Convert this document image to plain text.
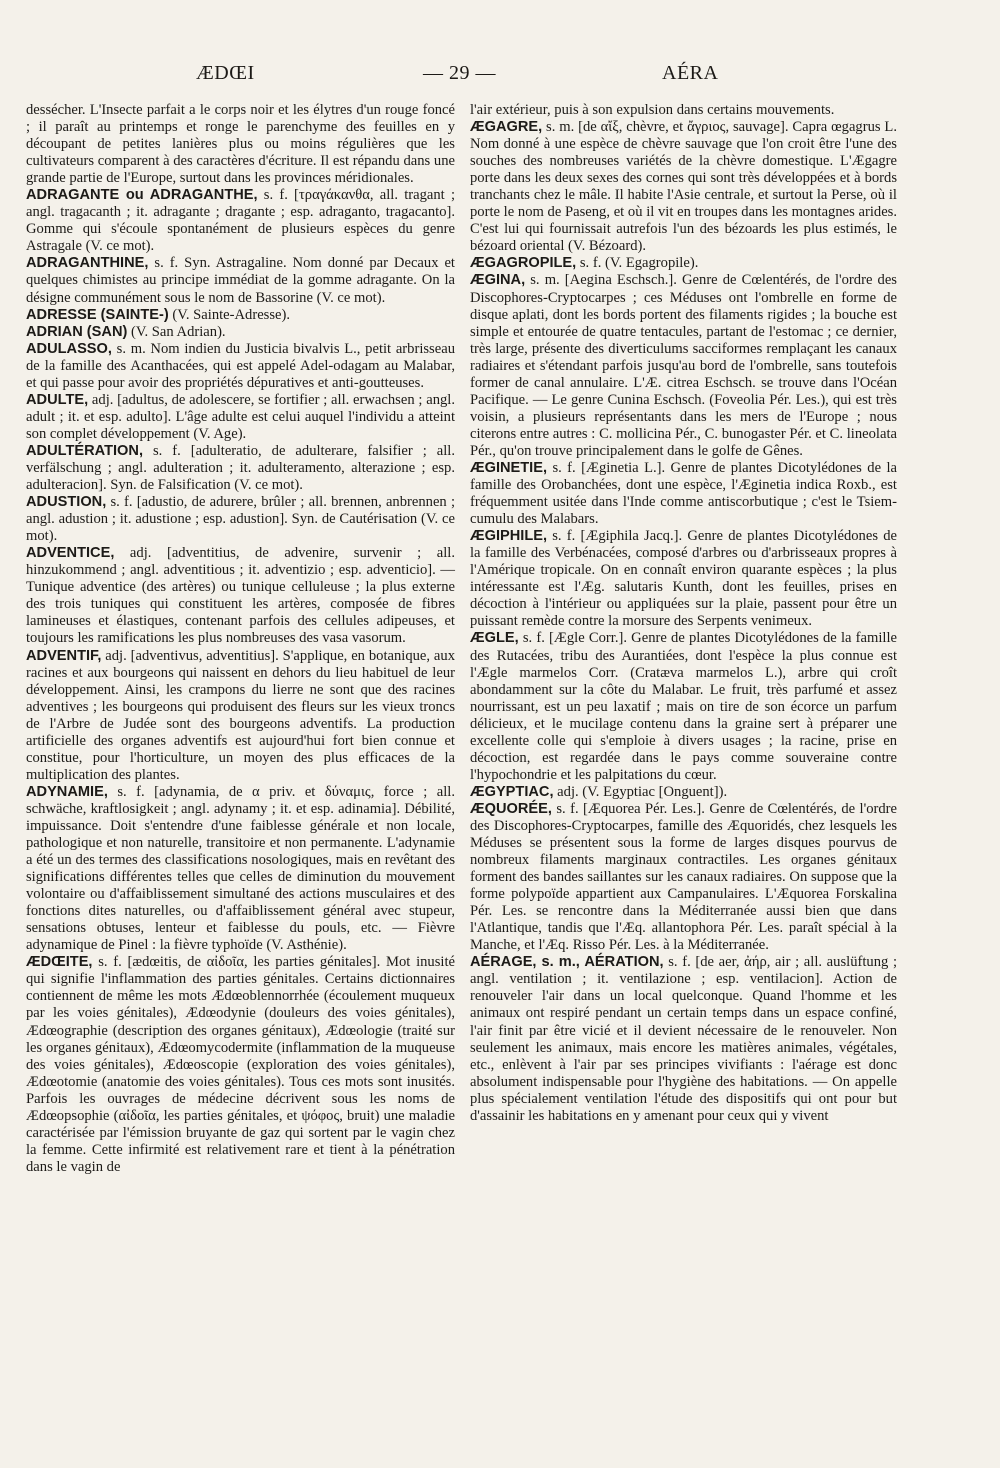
ÆDŒI	— 29 —	AÉRA

dessécher. L'Insecte parfait a le corps noir et les élytres d'un rouge foncé ; il paraît au printemps et ronge le parenchyme des feuilles en y découpant de petites lanières plus ou moins régulières que les cultivateurs comparent à des caractères d'écriture. Il est répandu dans une grande partie de l'Europe, surtout dans les provinces méridionales.

ADRAGANTE ou ADRAGANTHE, s. f. [τραγάκανθα, all. tragant ; angl. tragacanth ; it. adragante ; dragante ; esp. adraganto, tragacanto]. Gomme qui s'écoule spontanément de plusieurs espèces du genre Astragale (V. ce mot).

ADRAGANTHINE, s. f. Syn. Astragaline. Nom donné par Decaux et quelques chimistes au principe immédiat de la gomme adragante. On la désigne communément sous le nom de Bassorine (V. ce mot).

ADRESSE (SAINTE-) (V. Sainte-Adresse).

ADRIAN (SAN) (V. San Adrian).

ADULASSO, s. m. Nom indien du Justicia bivalvis L., petit arbrisseau de la famille des Acanthacées, qui est appelé Adel-odagam au Malabar, et qui passe pour avoir des propriétés dépuratives et anti-goutteuses.

ADULTE, adj. [adultus, de adolescere, se fortifier ; all. erwachsen ; angl. adult ; it. et esp. adulto]. L'âge adulte est celui auquel l'individu a atteint son complet développement (V. Age).

ADULTÉRATION, s. f. [adulteratio, de adulterare, falsifier ; all. verfälschung ; angl. adulteration ; it. adulteramento, alterazione ; esp. adulteracion]. Syn. de Falsification (V. ce mot).

ADUSTION, s. f. [adustio, de adurere, brûler ; all. brennen, anbrennen ; angl. adustion ; it. adustione ; esp. adustion]. Syn. de Cautérisation (V. ce mot).

ADVENTICE, adj. [adventitius, de advenire, survenir ; all. hinzukommend ; angl. adventitious ; it. adventizio ; esp. adventicio]. — Tunique adventice (des artères) ou tunique celluleuse ; la plus externe des trois tuniques qui constituent les artères, composée de fibres lamineuses et élastiques, contenant parfois des cellules adipeuses, et toujours les ramifications les plus nombreuses des vasa vasorum.

ADVENTIF, adj. [adventivus, adventitius]. S'applique, en botanique, aux racines et aux bourgeons qui naissent en dehors du lieu habituel de leur développement. Ainsi, les crampons du lierre ne sont que des racines adventives ; les bourgeons qui produisent des fleurs sur les vieux troncs de l'Arbre de Judée sont des bourgeons adventifs. La production artificielle des organes adventifs est aujourd'hui fort bien connue et constitue, pour l'horticulture, un moyen des plus efficaces de la multiplication des plantes.

ADYNAMIE, s. f. [adynamia, de α priv. et δύναμις, force ; all. schwäche, kraftlosigkeit ; angl. adynamy ; it. et esp. adinamia]. Débilité, impuissance. Doit s'entendre d'une faiblesse générale et non locale, pathologique et non naturelle, transitoire et non permanente. L'adynamie a été un des termes des classifications nosologiques, mais en revêtant des significations différentes telles que celles de diminution du mouvement volontaire ou d'affaiblissement simultané des actions musculaires et des fonctions dites naturelles, ou d'affaiblissement général avec stupeur, sensations obtuses, lenteur et faiblesse du pouls, etc. — Fièvre adynamique de Pinel : la fièvre typhoïde (V. Asthénie).

ÆDŒITE, s. f. [ædœitis, de αἰδοῖα, les parties génitales]. Mot inusité qui signifie l'inflammation des parties génitales. Certains dictionnaires contiennent de même les mots Ædœoblennorrhée (écoulement muqueux par les voies génitales), Ædœodynie (douleurs des voies génitales), Ædœographie (description des organes génitaux), Ædœologie (traité sur les organes génitaux), Ædœomycodermite (inflammation de la muqueuse des voies génitales), Ædœoscopie (exploration des voies génitales), Ædœotomie (anatomie des voies génitales). Tous ces mots sont inusités. Parfois les ouvrages de médecine décrivent sous les noms de Ædœopsophie (αἰδοῖα, les parties génitales, et ψόφος, bruit) une maladie caractérisée par l'émission bruyante de gaz qui sortent par le vagin chez la femme. Cette infirmité est relativement rare et tient à la pénétration dans le vagin de

l'air extérieur, puis à son expulsion dans certains mouvements.

ÆGAGRE, s. m. [de αἴξ, chèvre, et ἄγριος, sauvage]. Capra œgagrus L. Nom donné à une espèce de chèvre sauvage que l'on croit être l'une des souches des nombreuses variétés de la chèvre domestique. L'Ægagre porte dans les deux sexes des cornes qui sont très développées et à bords tranchants chez le mâle. Il habite l'Asie centrale, et surtout la Perse, où il porte le nom de Paseng, et où il vit en troupes dans les montagnes arides. C'est lui qui fournissait autrefois l'un des bézoards les plus estimés, le bézoard oriental (V. Bézoard).

ÆGAGROPILE, s. f. (V. Egagropile).

ÆGINA, s. m. [Aegina Eschsch.]. Genre de Cœlentérés, de l'ordre des Discophores-Cryptocarpes ; ces Méduses ont l'ombrelle en forme de disque aplati, dont les bords portent des filaments rigides ; la bouche est simple et entourée de quatre tentacules, partant de l'estomac ; ce dernier, très large, présente des diverticulums sacciformes remplaçant les canaux radiaires et s'étendant parfois jusqu'au bord de l'ombrelle, sans toutefois former de canal annulaire. L'Æ. citrea Eschsch. se trouve dans l'Océan Pacifique. — Le genre Cunina Eschsch. (Foveolia Pér. Les.), qui est très voisin, a plusieurs représentants dans les mers de l'Europe ; nous citerons entre autres : C. mollicina Pér., C. bunogaster Pér. et C. lineolata Pér., qu'on trouve principalement dans le golfe de Gênes.

ÆGINETIE, s. f. [Æginetia L.]. Genre de plantes Dicotylédones de la famille des Orobanchées, dont une espèce, l'Æginetia indica Roxb., est fréquemment usitée dans l'Inde comme antiscorbutique ; c'est le Tsiem-cumulu des Malabars.

ÆGIPHILE, s. f. [Ægiphila Jacq.]. Genre de plantes Dicotylédones de la famille des Verbénacées, composé d'arbres ou d'arbrisseaux propres à l'Amérique tropicale. On en connaît environ quarante espèces ; la plus intéressante est l'Æg. salutaris Kunth, dont les feuilles, prises en décoction à l'intérieur ou appliquées sur la plaie, passent pour être un puissant remède contre la morsure des Serpents venimeux.

ÆGLE, s. f. [Ægle Corr.]. Genre de plantes Dicotylédones de la famille des Rutacées, tribu des Aurantiées, dont l'espèce la plus connue est l'Ægle marmelos Corr. (Cratæva marmelos L.), arbre qui croît abondamment sur la côte du Malabar. Le fruit, très parfumé et assez nourrissant, est un peu laxatif ; mais on tire de son écorce un parfum délicieux, et le mucilage contenu dans la graine sert à préparer une excellente colle qui s'emploie à divers usages ; la racine, prise en décoction, est regardée dans le pays comme souveraine contre l'hypochondrie et les palpitations du cœur.

ÆGYPTIAC, adj. (V. Egyptiac [Onguent]).

ÆQUORÉE, s. f. [Æquorea Pér. Les.]. Genre de Cœlentérés, de l'ordre des Discophores-Cryptocarpes, famille des Æquoridés, chez lesquels les Méduses se présentent sous la forme de larges disques pourvus de nombreux filaments marginaux contractiles. Les organes génitaux forment des bandes saillantes sur les canaux radiaires. On suppose que la forme polypoïde appartient aux Campanulaires. L'Æquorea Forskalina Pér. Les. se rencontre dans la Méditerranée aussi bien que dans l'Atlantique, tandis que l'Æq. allantophora Pér. Les. paraît spécial à la Manche, et l'Æq. Risso Pér. Les. à la Méditerranée.

AÉRAGE, s. m., AÉRATION, s. f. [de aer, ἀήρ, air ; all. auslüftung ; angl. ventilation ; it. ventilazione ; esp. ventilacion]. Action de renouveler l'air dans un local quelconque. Quand l'homme et les animaux ont respiré pendant un certain temps dans un espace confiné, l'air finit par être vicié et il devient nécessaire de le renouveler. Non seulement les animaux, mais encore les matières animales, végétales, etc., enlèvent à l'air par ses principes vivifiants : l'aérage est donc absolument indispensable pour l'hygiène des habitations. — On appelle plus spécialement ventilation l'étude des dispositifs qui ont pour but d'assainir les habitations en y amenant pour ceux qui y vivent
